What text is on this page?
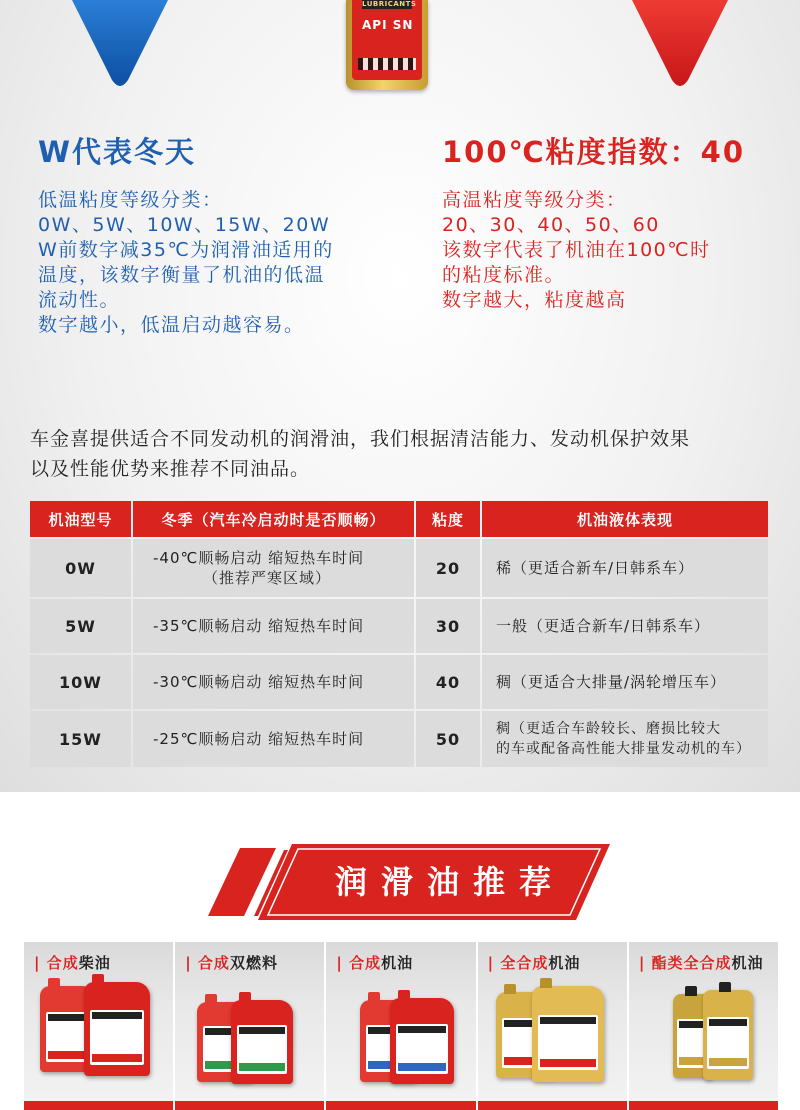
LUBRICANTS
API SN
W代表冬天	100℃粘度指数：40
低温粘度等级分类：
0W、5W、10W、15W、20W
W前数字减35℃为润滑油适用的
温度，该数字衡量了机油的低温
流动性。
数字越小，低温启动越容易。
高温粘度等级分类：
20、30、40、50、60
该数字代表了机油在100℃时
的粘度标准。
数字越大，粘度越高
车金喜提供适合不同发动机的润滑油，我们根据清洁能力、发动机保护效果
以及性能优势来推荐不同油品。
机油型号	冬季（汽车冷启动时是否顺畅）	粘度	机油液体表现
0W	-40℃顺畅启动 缩短热车时间
（推荐严寒区域）	20	稀（更适合新车/日韩系车）

5W	-35℃顺畅启动 缩短热车时间	30	一般（更适合新车/日韩系车）

10W	-30℃顺畅启动 缩短热车时间	40	稠（更适合大排量/涡轮增压车）

15W	-25℃顺畅启动 缩短热车时间	50	稠（更适合车龄较长、磨损比较大
的车或配备高性能大排量发动机的车）
润滑油推荐
| 合成柴油	| 合成双燃料	| 合成机油	| 全合成机油	| 酯类全合成机油
